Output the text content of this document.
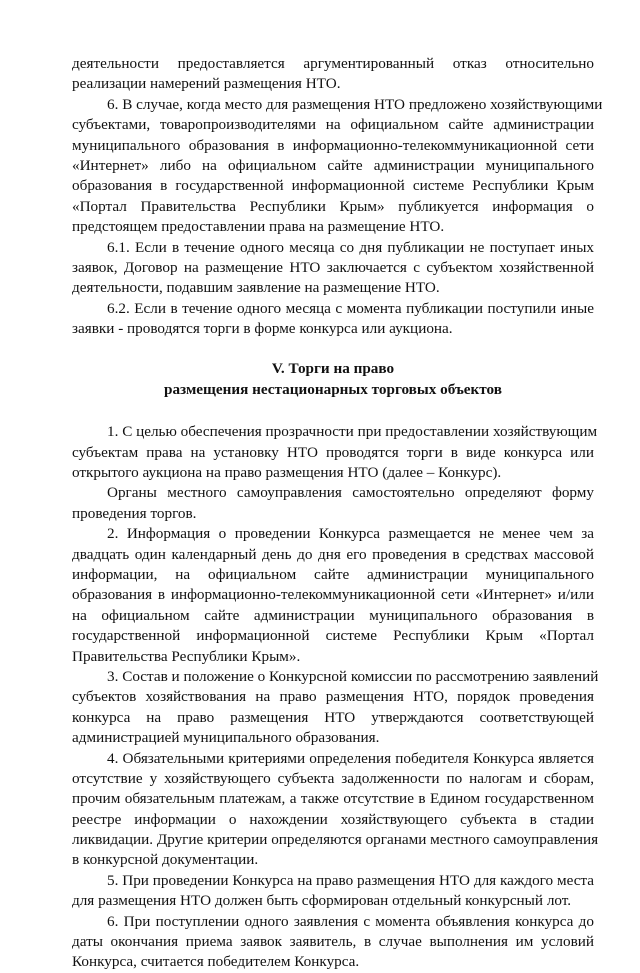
деятельности предоставляется аргументированный отказ относительно
реализации намерений размещения НТО.
6. В случае, когда место для размещения НТО предложено хозяйствующими
субъектами, товаропроизводителями на официальном сайте администрации
муниципального образования в информационно-телекоммуникационной сети
«Интернет» либо на официальном сайте администрации муниципального
образования в государственной информационной системе Республики Крым
«Портал Правительства Республики Крым» публикуется информация о
предстоящем предоставлении права на размещение НТО.
6.1. Если в течение одного месяца со дня публикации не поступает иных
заявок, Договор на размещение НТО заключается с субъектом хозяйственной
деятельности, подавшим заявление на размещение НТО.
6.2. Если в течение одного месяца с момента публикации поступили иные
заявки - проводятся торги в форме конкурса или аукциона.
V. Торги на право
размещения нестационарных торговых объектов
1. С целью обеспечения прозрачности при предоставлении хозяйствующим
субъектам права на установку НТО проводятся торги в виде конкурса или
открытого аукциона на право размещения НТО (далее – Конкурс).
Органы местного самоуправления самостоятельно определяют форму
проведения торгов.
2. Информация о проведении Конкурса размещается не менее чем за
двадцать один календарный день до дня его проведения в средствах массовой
информации, на официальном сайте администрации муниципального
образования в информационно-телекоммуникационной сети «Интернет» и/или
на официальном сайте администрации муниципального образования в
государственной информационной системе Республики Крым «Портал
Правительства Республики Крым».
3. Состав и положение о Конкурсной комиссии по рассмотрению заявлений
субъектов хозяйствования на право размещения НТО, порядок проведения
конкурса на право размещения НТО утверждаются соответствующей
администрацией муниципального образования.
4. Обязательными критериями определения победителя Конкурса является
отсутствие у хозяйствующего субъекта задолженности по налогам и сборам,
прочим обязательным платежам, а также отсутствие в Едином государственном
реестре информации о нахождении хозяйствующего субъекта в стадии
ликвидации. Другие критерии определяются органами местного самоуправления
в конкурсной документации.
5. При проведении Конкурса на право размещения НТО для каждого места
для размещения НТО должен быть сформирован отдельный конкурсный лот.
6. При поступлении одного заявления с момента объявления конкурса до
даты окончания приема заявок заявитель, в случае выполнения им условий
Конкурса, считается победителем Конкурса.
